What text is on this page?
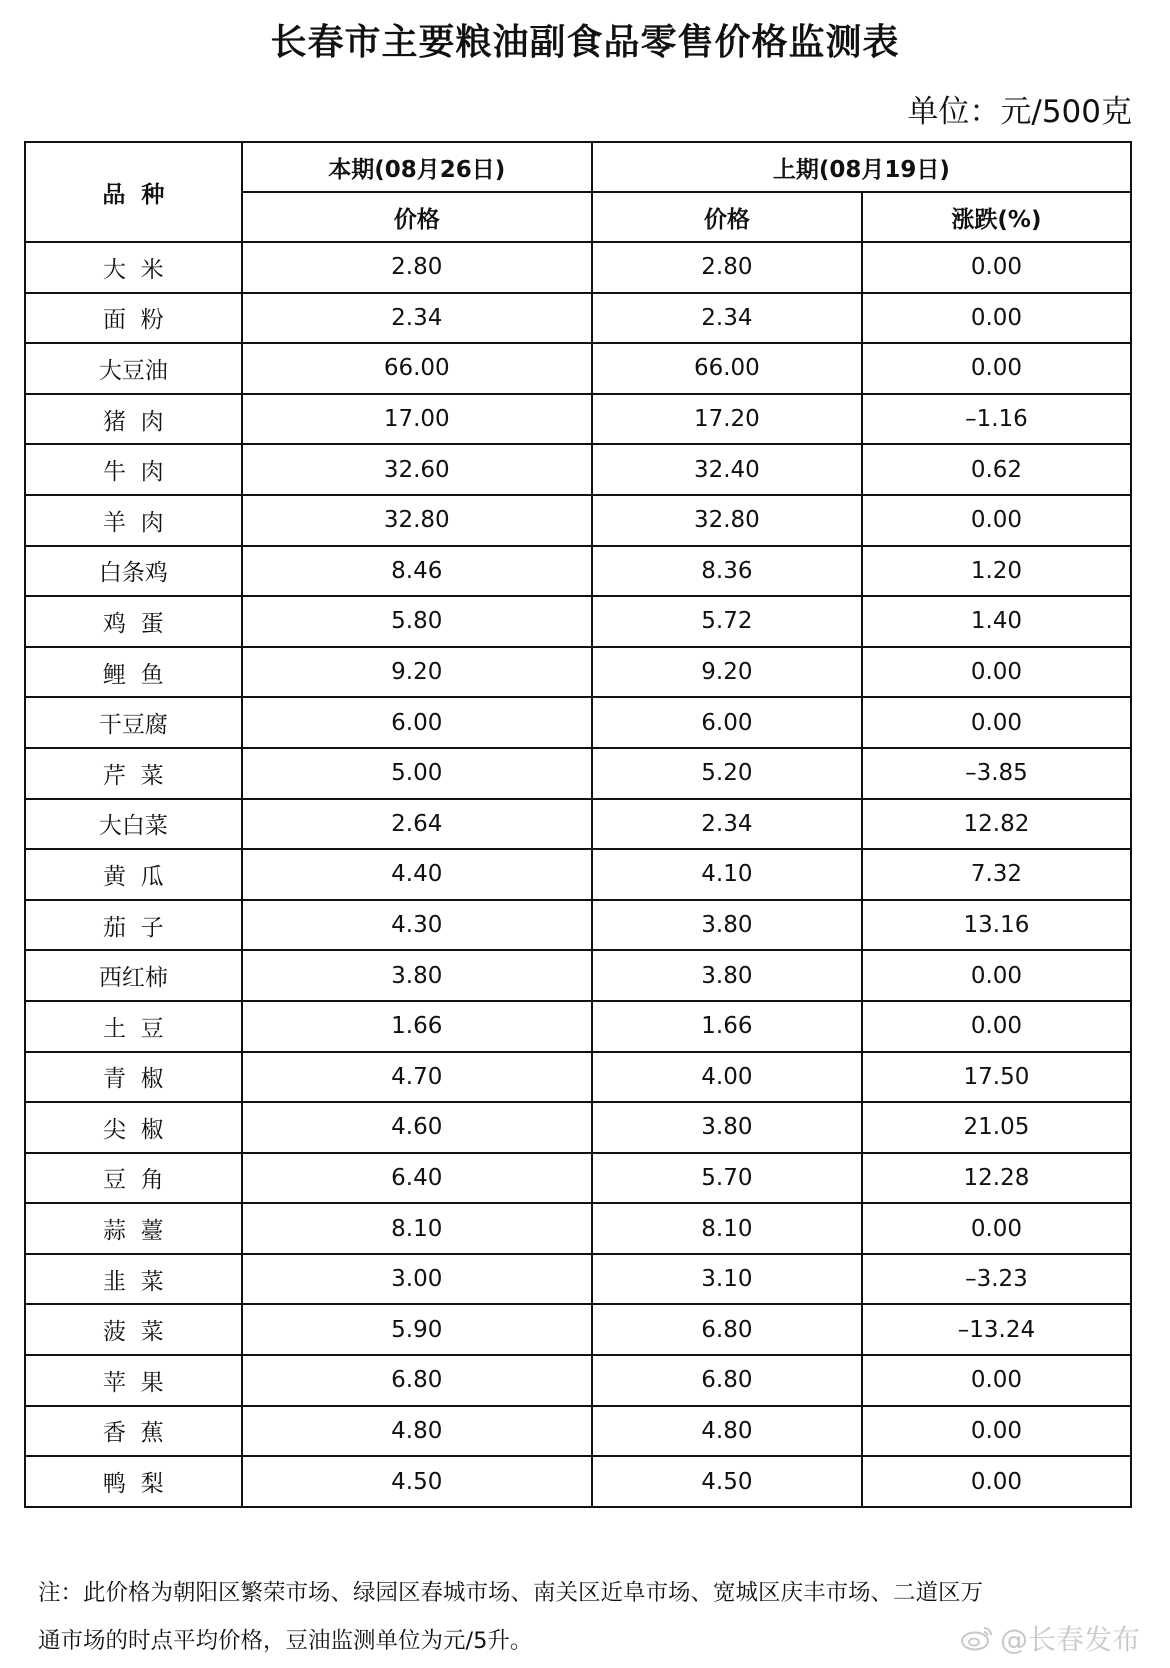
长春市主要粮油副食品零售价格监测表
单位：元/500克
品  种	本期(08月26日)	上期(08月19日)	
	价格	价格	涨跌(%)
大  米	2.80	2.80	0.00
面  粉	2.34	2.34	0.00
大豆油	66.00	66.00	0.00
猪  肉	17.00	17.20	–1.16
牛  肉	32.60	32.40	0.62
羊  肉	32.80	32.80	0.00
白条鸡	8.46	8.36	1.20
鸡  蛋	5.80	5.72	1.40
鲤  鱼	9.20	9.20	0.00
干豆腐	6.00	6.00	0.00
芹  菜	5.00	5.20	–3.85
大白菜	2.64	2.34	12.82
黄  瓜	4.40	4.10	7.32
茄  子	4.30	3.80	13.16
西红柿	3.80	3.80	0.00
土  豆	1.66	1.66	0.00
青  椒	4.70	4.00	17.50
尖  椒	4.60	3.80	21.05
豆  角	6.40	5.70	12.28
蒜  薹	8.10	8.10	0.00
韭  菜	3.00	3.10	–3.23
菠  菜	5.90	6.80	–13.24
苹  果	6.80	6.80	0.00
香  蕉	4.80	4.80	0.00
鸭  梨	4.50	4.50	0.00
注：此价格为朝阳区繁荣市场、绿园区春城市场、南关区近阜市场、宽城区庆丰市场、二道区万
通市场的时点平均价格，豆油监测单位为元/5升。	@长春发布
